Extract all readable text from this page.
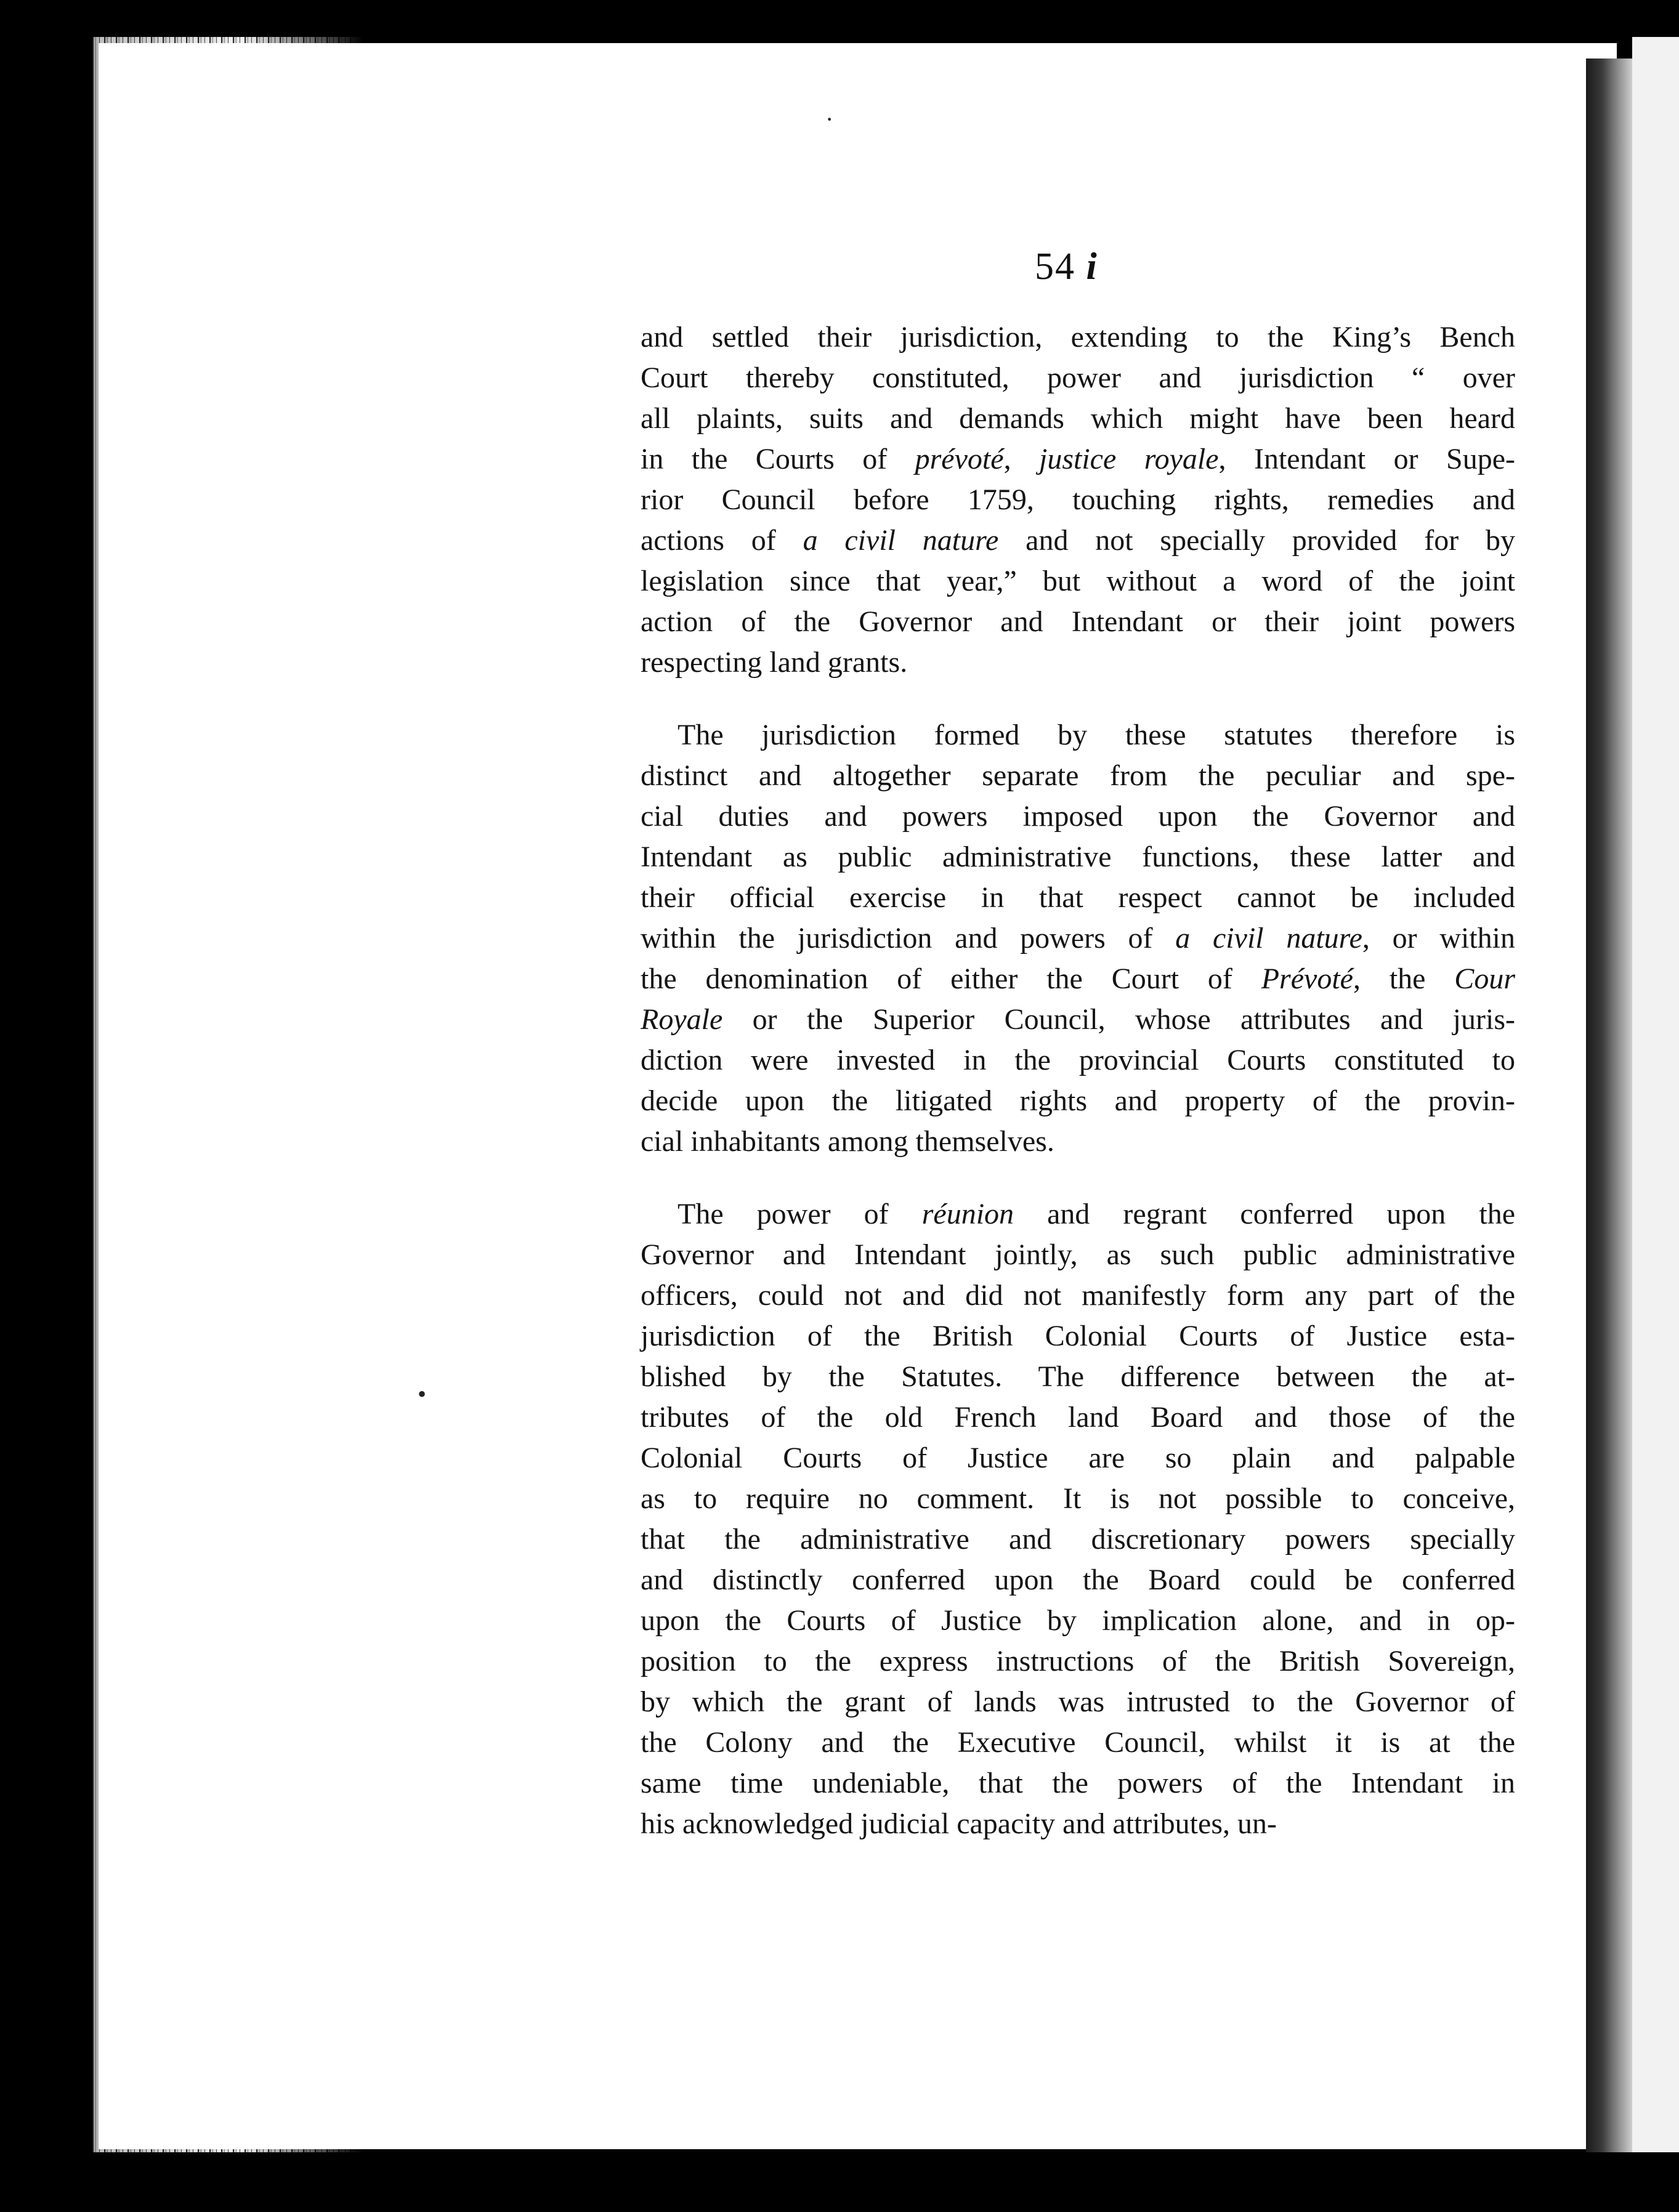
·
•
54 i
and settled their jurisdiction, extending to the King’s Bench
Court thereby constituted, power and jurisdiction “ over
all plaints, suits and demands which might have been heard
in the Courts of prévoté, justice royale, Intendant or Supe-
rior Council before 1759, touching rights, remedies and
actions of a civil nature and not specially provided for by
legislation since that year,” but without a word of the joint
action of the Governor and Intendant or their joint powers
respecting land grants.
The jurisdiction formed by these statutes therefore is
distinct and altogether separate from the peculiar and spe-
cial duties and powers imposed upon the Governor and
Intendant as public administrative functions, these latter and
their official exercise in that respect cannot be included
within the jurisdiction and powers of a civil nature, or within
the denomination of either the Court of Prévoté, the Cour
Royale or the Superior Council, whose attributes and juris-
diction were invested in the provincial Courts constituted to
decide upon the litigated rights and property of the provin-
cial inhabitants among themselves.
The power of réunion and regrant conferred upon the
Governor and Intendant jointly, as such public administrative
officers, could not and did not manifestly form any part of the
jurisdiction of the British Colonial Courts of Justice esta-
blished by the Statutes. The difference between the at-
tributes of the old French land Board and those of the
Colonial Courts of Justice are so plain and palpable
as to require no comment. It is not possible to conceive,
that the administrative and discretionary powers specially
and distinctly conferred upon the Board could be conferred
upon the Courts of Justice by implication alone, and in op-
position to the express instructions of the British Sovereign,
by which the grant of lands was intrusted to the Governor of
the Colony and the Executive Council, whilst it is at the
same time undeniable, that the powers of the Intendant in
his acknowledged judicial capacity and attributes, un-
